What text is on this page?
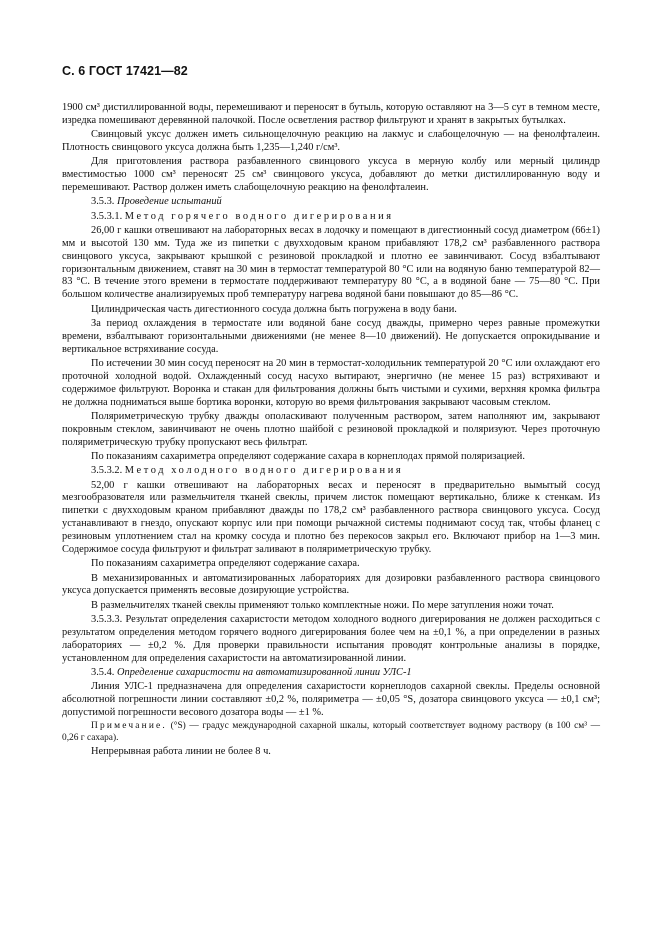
С. 6 ГОСТ 17421—82

1900 см³ дистиллированной воды, перемешивают и переносят в бутыль, которую оставляют на 3—5 сут в темном месте, изредка помешивают деревянной палочкой. После осветления раствор фильтруют и хранят в закрытых бутылках.

Свинцовый уксус должен иметь сильнощелочную реакцию на лакмус и слабощелочную — на фенолфталеин. Плотность свинцового уксуса должна быть 1,235—1,240 г/см³.

Для приготовления раствора разбавленного свинцового уксуса в мерную колбу или мерный цилиндр вместимостью 1000 см³ переносят 25 см³ свинцового уксуса, добавляют до метки дистиллированную воду и перемешивают. Раствор должен иметь слабощелочную реакцию на фенолфталеин.

3.5.3. Проведение испытаний

3.5.3.1. Метод горячего водного дигерирования

26,00 г кашки отвешивают на лабораторных весах в лодочку и помещают в дигестионный сосуд диаметром (66±1) мм и высотой 130 мм. Туда же из пипетки с двухходовым краном прибавляют 178,2 см³ разбавленного раствора свинцового уксуса, закрывают крышкой с резиновой прокладкой и плотно ее завинчивают. Сосуд взбалтывают горизонтальным движением, ставят на 30 мин в термостат температурой 80 °С или на водяную баню температурой 82—83 °С. В течение этого времени в термостате поддерживают температуру 80 °С, а в водяной бане — 75—80 °С. При большом количестве анализируемых проб температуру нагрева водяной бани повышают до 85—86 °С.

Цилиндрическая часть дигестионного сосуда должна быть погружена в воду бани.

За период охлаждения в термостате или водяной бане сосуд дважды, примерно через равные промежутки времени, взбалтывают горизонтальными движениями (не менее 8—10 движений). Не допускается опрокидывание и вертикальное встряхивание сосуда.

По истечении 30 мин сосуд переносят на 20 мин в термостат-холодильник температурой 20 °С или охлаждают его проточной холодной водой. Охлажденный сосуд насухо вытирают, энергично (не менее 15 раз) встряхивают и содержимое фильтруют. Воронка и стакан для фильтрования должны быть чистыми и сухими, верхняя кромка фильтра не должна подниматься выше бортика воронки, которую во время фильтрования закрывают часовым стеклом.

Поляриметрическую трубку дважды ополаскивают полученным раствором, затем наполняют им, закрывают покровным стеклом, завинчивают не очень плотно шайбой с резиновой прокладкой и поляризуют. Через проточную поляриметрическую трубку пропускают весь фильтрат.

По показаниям сахариметра определяют содержание сахара в корнеплодах прямой поляризацией.

3.5.3.2. Метод холодного водного дигерирования

52,00 г кашки отвешивают на лабораторных весах и переносят в предварительно вымытый сосуд мезгообразователя или размельчителя тканей свеклы, причем листок помещают вертикально, ближе к стенкам. Из пипетки с двухходовым краном прибавляют дважды по 178,2 см³ разбавленного раствора свинцового уксуса. Сосуд устанавливают в гнездо, опускают корпус или при помощи рычажной системы поднимают сосуд так, чтобы фланец с резиновым уплотнением стал на кромку сосуда и плотно без перекосов закрыл его. Включают прибор на 1—3 мин. Содержимое сосуда фильтруют и фильтрат заливают в поляриметрическую трубку.

По показаниям сахариметра определяют содержание сахара.

В механизированных и автоматизированных лабораториях для дозировки разбавленного раствора свинцового уксуса допускается применять весовые дозирующие устройства.

В размельчителях тканей свеклы применяют только комплектные ножи. По мере затупления ножи точат.

3.5.3.3. Результат определения сахаристости методом холодного водного дигерирования не должен расходиться с результатом определения методом горячего водного дигерирования более чем на ±0,1 %, а при определении в разных лабораториях — ±0,2 %. Для проверки правильности испытания проводят контрольные анализы в порядке, установленном для определения сахаристости на автоматизированной линии.

3.5.4. Определение сахаристости на автоматизированной линии УЛС-1

Линия УЛС-1 предназначена для определения сахаристости корнеплодов сахарной свеклы. Пределы основной абсолютной погрешности линии составляют ±0,2 %, поляриметра — ±0,05 °S, дозатора свинцового уксуса — ±0,1 см³; допустимой погрешности весового дозатора воды — ±1 %.

Примечание. (°S) — градус международной сахарной шкалы, который соответствует водному раствору (в 100 см³ — 0,26 г сахара).

Непрерывная работа линии не более 8 ч.
